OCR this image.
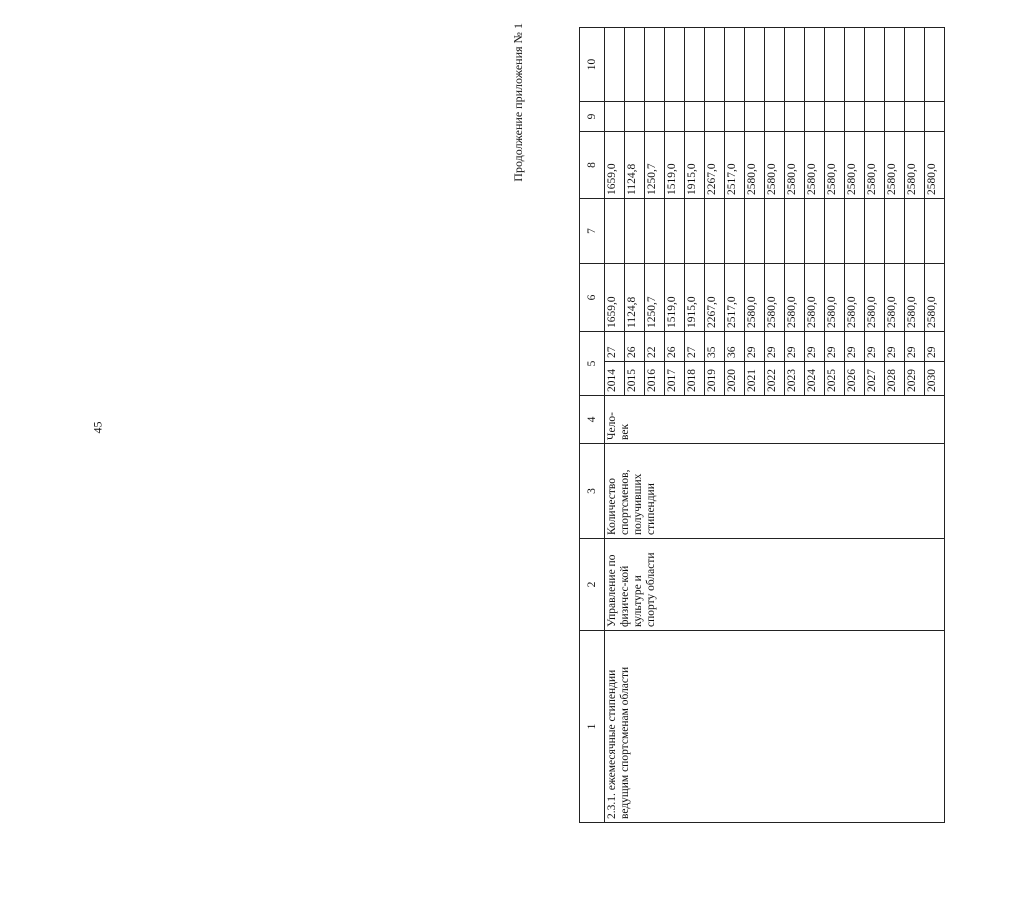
45
Продолжение приложения № 1
1	2	3	4	5		6	7	8	9	10
2.3.1. ежемесячные стипендии ведущим спортсменам области	Управление по физичес-кой культуре и спорту области	Количество спортсменов, получивших стипендии	Чело-век	2014	27	1659,0		1659,0		
				2015	26	1124,8		1124,8		
				2016	22	1250,7		1250,7		
				2017	26	1519,0		1519,0		
				2018	27	1915,0		1915,0		
				2019	35	2267,0		2267,0		
				2020	36	2517,0		2517,0		
				2021	29	2580,0		2580,0		
				2022	29	2580,0		2580,0		
				2023	29	2580,0		2580,0		
				2024	29	2580,0		2580,0		
				2025	29	2580,0		2580,0		
				2026	29	2580,0		2580,0		
				2027	29	2580,0		2580,0		
				2028	29	2580,0		2580,0		
				2029	29	2580,0		2580,0		
				2030	29	2580,0		2580,0		
